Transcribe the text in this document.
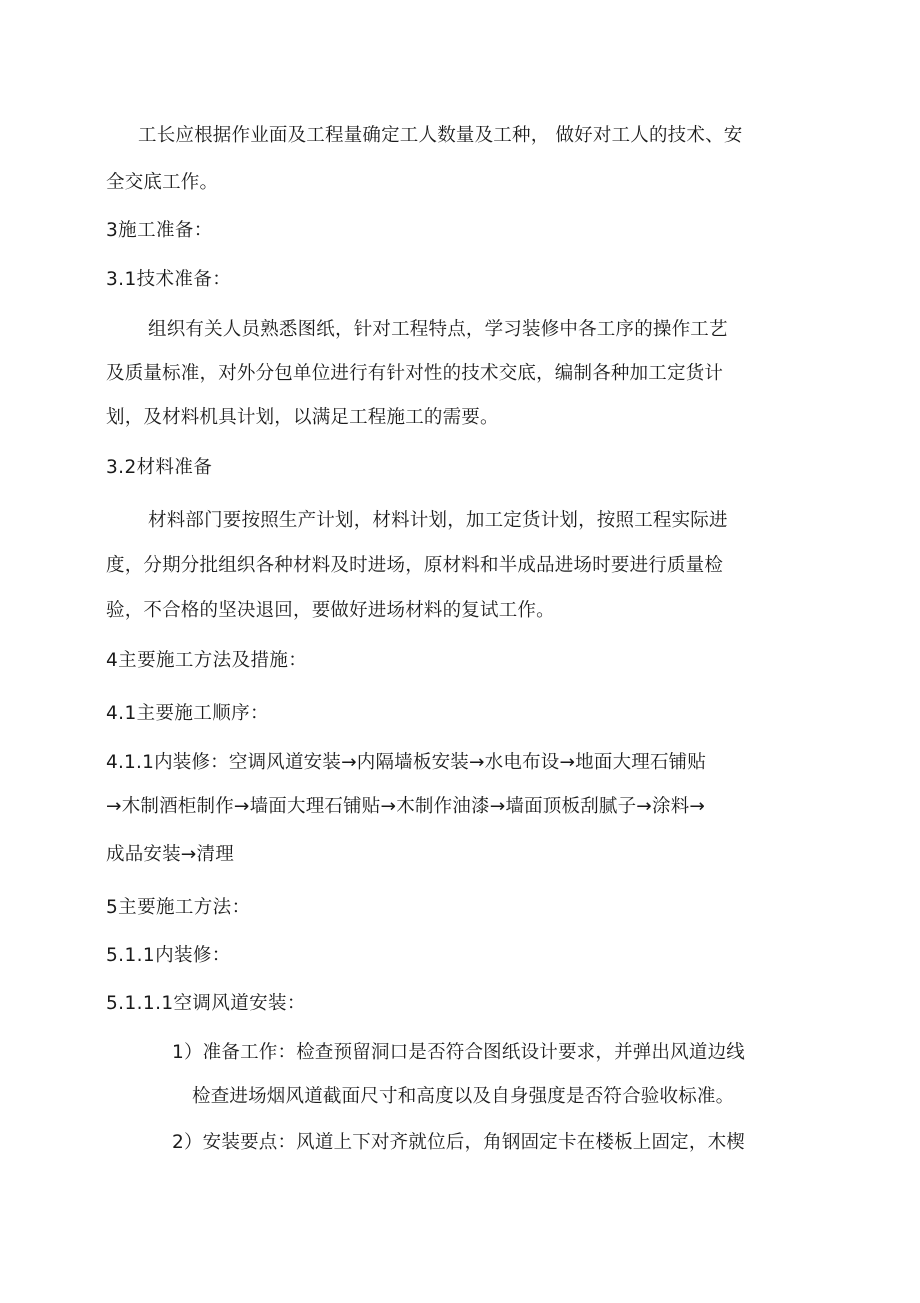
工长应根据作业面及工程量确定工人数量及工种， 做好对工人的技术、安
全交底工作。
3施工准备：
3.1技术准备：
组织有关人员熟悉图纸，针对工程特点，学习装修中各工序的操作工艺
及质量标准，对外分包单位进行有针对性的技术交底，编制各种加工定货计
划，及材料机具计划，以满足工程施工的需要。
3.2材料准备
材料部门要按照生产计划，材料计划，加工定货计划，按照工程实际进
度，分期分批组织各种材料及时进场，原材料和半成品进场时要进行质量检
验，不合格的坚决退回，要做好进场材料的复试工作。
4主要施工方法及措施：
4.1主要施工顺序：
4.1.1内装修：空调风道安装→内隔墙板安装→水电布设→地面大理石铺贴
→木制酒柜制作→墙面大理石铺贴→木制作油漆→墙面顶板刮腻子→涂料→
成品安装→清理
5主要施工方法：
5.1.1内装修：
5.1.1.1空调风道安装：
1）准备工作：检查预留洞口是否符合图纸设计要求，并弹出风道边线
检查进场烟风道截面尺寸和高度以及自身强度是否符合验收标准。
2）安装要点：风道上下对齐就位后，角钢固定卡在楼板上固定，木楔
